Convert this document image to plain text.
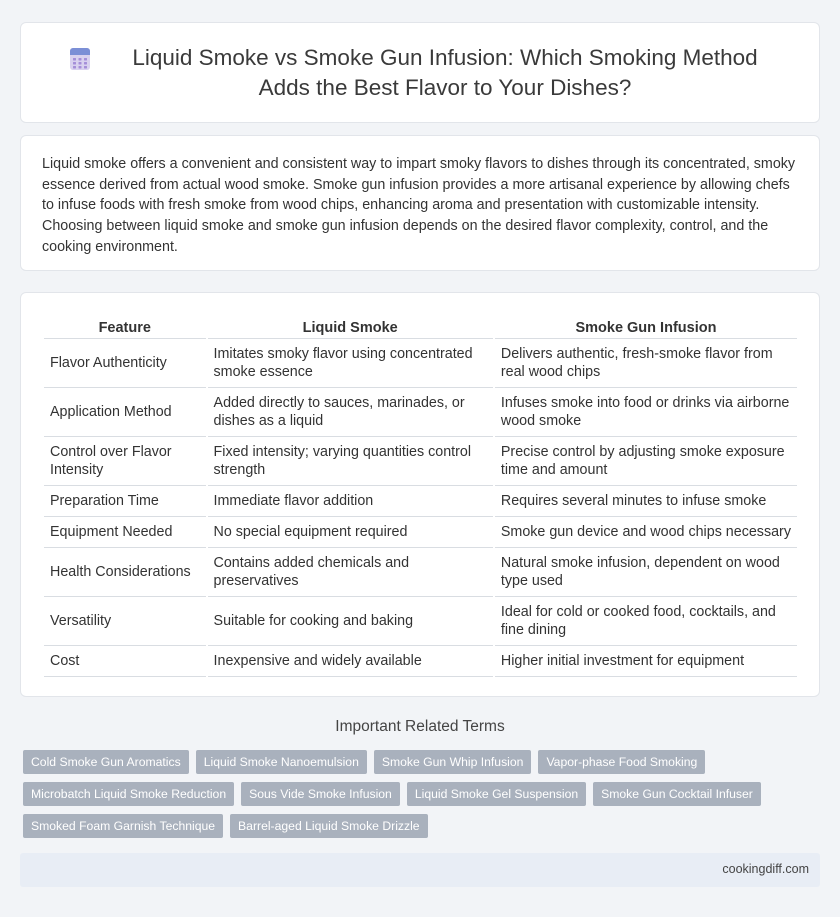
Liquid Smoke vs Smoke Gun Infusion: Which Smoking Method Adds the Best Flavor to Your Dishes?

Liquid smoke offers a convenient and consistent way to impart smoky flavors to dishes through its concentrated, smoky essence derived from actual wood smoke. Smoke gun infusion provides a more artisanal experience by allowing chefs to infuse foods with fresh smoke from wood chips, enhancing aroma and presentation with customizable intensity. Choosing between liquid smoke and smoke gun infusion depends on the desired flavor complexity, control, and the cooking environment.

Feature	Liquid Smoke	Smoke Gun Infusion
Flavor Authenticity	Imitates smoky flavor using concentrated smoke essence	Delivers authentic, fresh-smoke flavor from real wood chips
Application Method	Added directly to sauces, marinades, or dishes as a liquid	Infuses smoke into food or drinks via airborne wood smoke
Control over Flavor Intensity	Fixed intensity; varying quantities control strength	Precise control by adjusting smoke exposure time and amount
Preparation Time	Immediate flavor addition	Requires several minutes to infuse smoke
Equipment Needed	No special equipment required	Smoke gun device and wood chips necessary
Health Considerations	Contains added chemicals and preservatives	Natural smoke infusion, dependent on wood type used
Versatility	Suitable for cooking and baking	Ideal for cold or cooked food, cocktails, and fine dining
Cost	Inexpensive and widely available	Higher initial investment for equipment
Important Related Terms
Cold Smoke Gun Aromatics	Liquid Smoke Nanoemulsion	Smoke Gun Whip Infusion	Vapor-phase Food Smoking
Microbatch Liquid Smoke Reduction	Sous Vide Smoke Infusion	Liquid Smoke Gel Suspension	Smoke Gun Cocktail Infuser
Smoked Foam Garnish Technique	Barrel-aged Liquid Smoke Drizzle
cookingdiff.com
